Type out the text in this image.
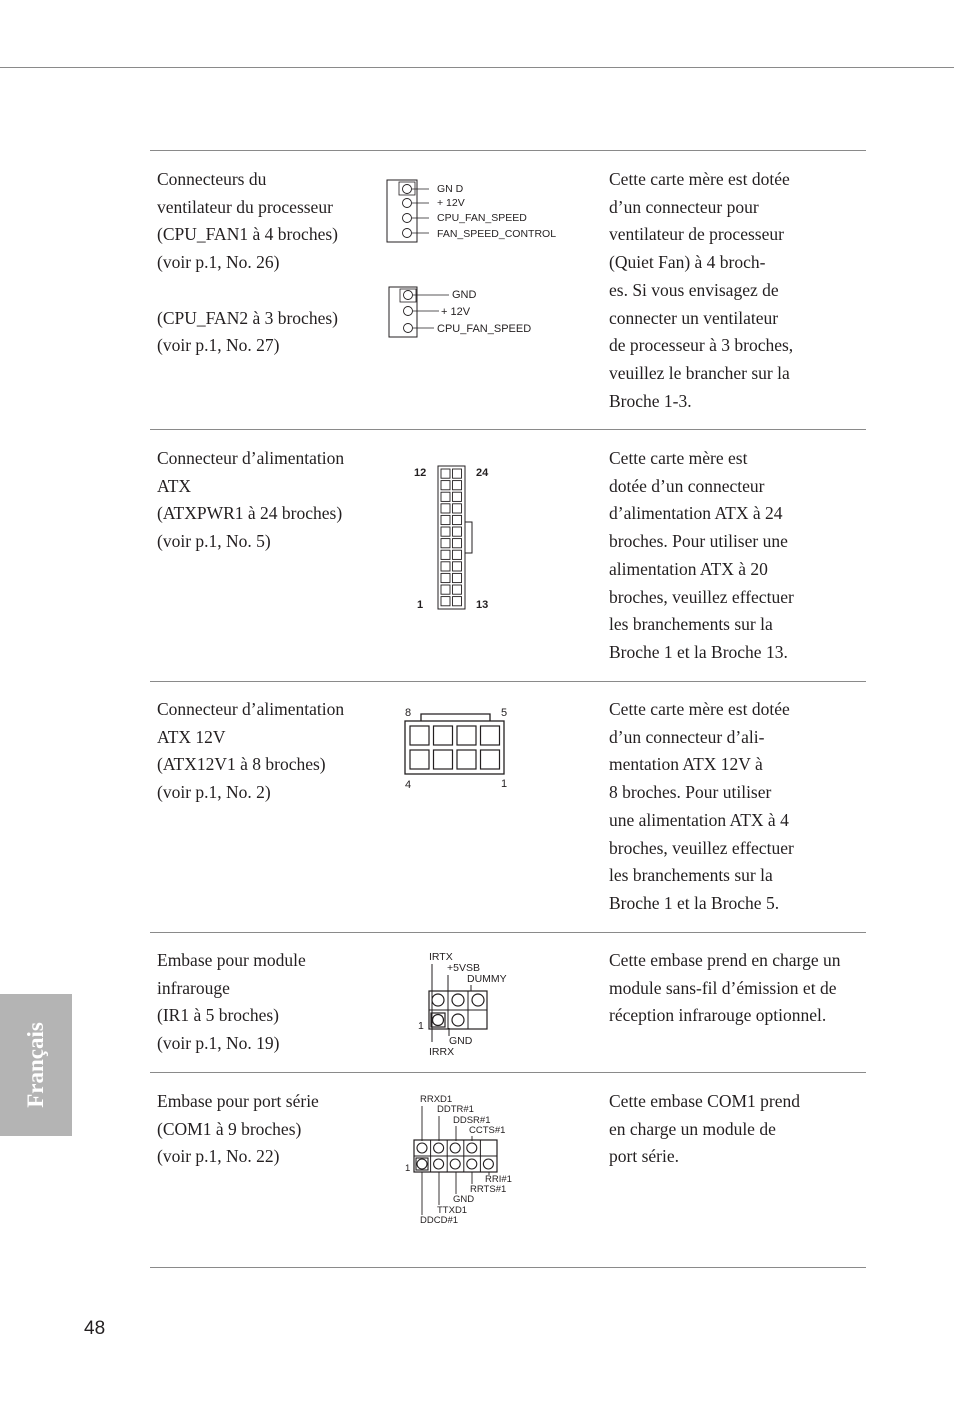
Français
Connecteurs du
ventilateur du processeur
(CPU_FAN1 à 4 broches)
(voir p.1, No. 26)

(CPU_FAN2 à 3 broches)
(voir p.1, No. 27)
GN D
+ 12V
CPU_FAN_SPEED
FAN_SPEED_CONTROL
GND
+ 12V
CPU_FAN_SPEED
Cette carte mère est dotée
d’un connecteur pour
ventilateur de processeur
(Quiet Fan) à 4 broch-
es. Si vous envisagez de
connecter un ventilateur
de processeur à 3 broches,
veuillez le brancher sur la
Broche 1-3.
Connecteur d’alimentation
ATX
(ATXPWR1 à 24 broches)
(voir p.1, No. 5)
12	24
1	13
Cette carte mère est
dotée d’un connecteur
d’alimentation ATX à 24
broches. Pour utiliser une
alimentation ATX à 20
broches, veuillez effectuer
les branchements sur la
Broche 1 et la Broche 13.
Connecteur d’alimentation
ATX 12V
(ATX12V1 à 8 broches)
(voir p.1, No. 2)
8	5
4	1
Cette carte mère est dotée
d’un connecteur d’ali-
mentation ATX 12V à
8 broches. Pour utiliser
une alimentation ATX à 4
broches, veuillez effectuer
les branchements sur la
Broche 1 et la Broche 5.
Embase pour module
infrarouge
(IR1 à 5 broches)
(voir p.1, No. 19)
IRTX
+5VSB
DUMMY
1
GND
IRRX
Cette embase prend en charge un
module sans-fil d’émission et de
réception infrarouge optionnel.
Embase pour port série
(COM1 à 9 broches)
(voir p.1, No. 22)
RRXD1
DDTR#1
DDSR#1
CCTS#1
1
RRI#1
RRTS#1
GND
TTXD1
DDCD#1
Cette embase COM1 prend
en charge un module de
port série.
48
